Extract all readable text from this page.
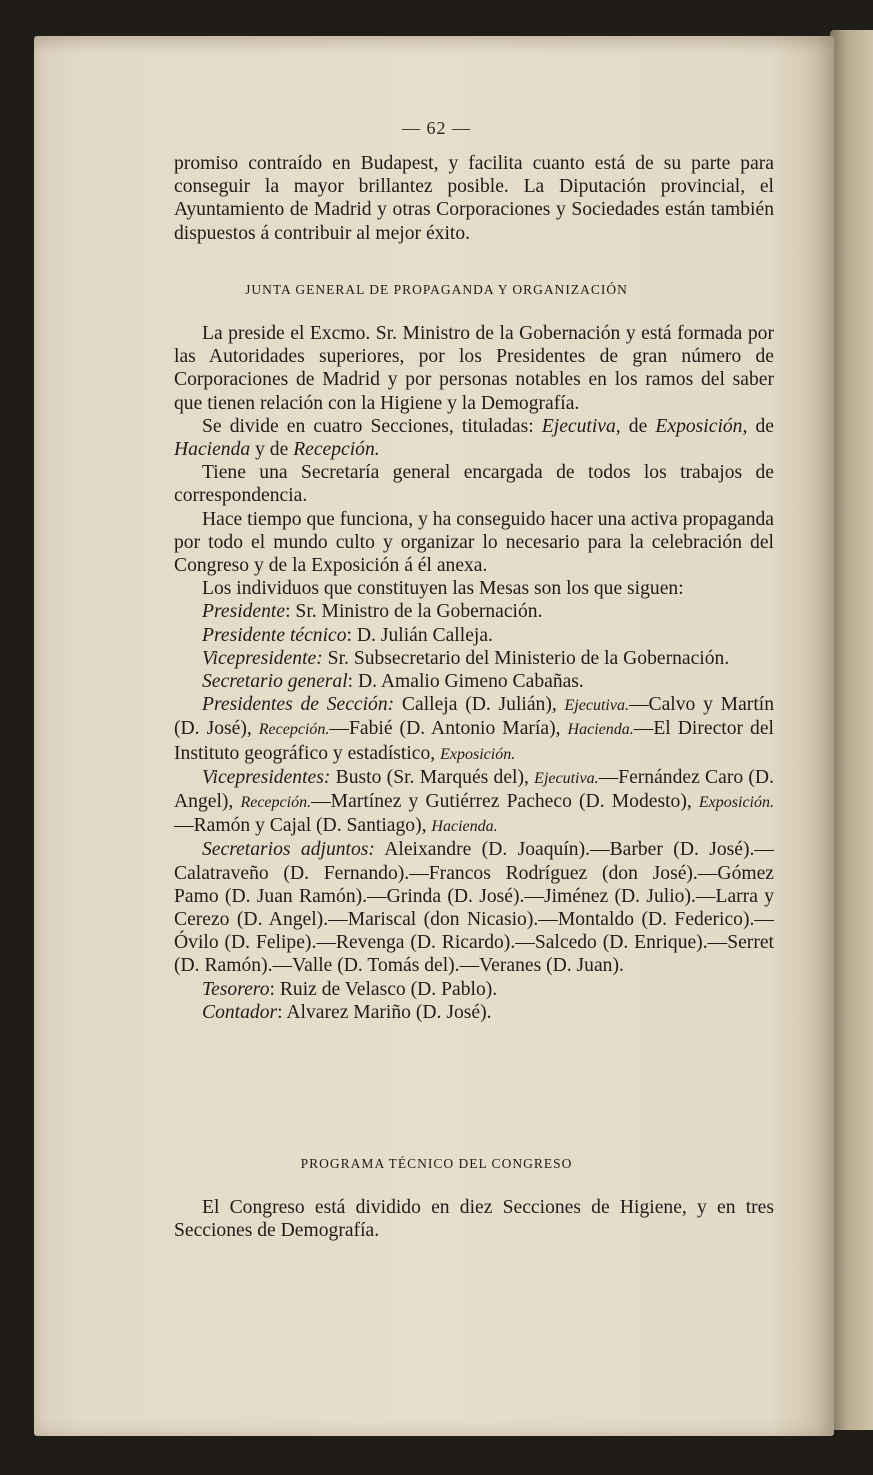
— 62 —

promiso contraído en Budapest, y facilita cuanto está de su parte para conseguir la mayor brillantez posible. La Diputación provincial, el Ayuntamiento de Madrid y otras Corporaciones y Sociedades están también dispuestos á contribuir al mejor éxito.

JUNTA GENERAL DE PROPAGANDA Y ORGANIZACIÓN

La preside el Excmo. Sr. Ministro de la Gobernación y está formada por las Autoridades superiores, por los Presidentes de gran número de Corporaciones de Madrid y por personas notables en los ramos del saber que tienen relación con la Higiene y la Demografía.

Se divide en cuatro Secciones, tituladas: Ejecutiva, de Exposición, de Hacienda y de Recepción.

Tiene una Secretaría general encargada de todos los trabajos de correspondencia.

Hace tiempo que funciona, y ha conseguido hacer una activa propaganda por todo el mundo culto y organizar lo necesario para la celebración del Congreso y de la Exposición á él anexa.

Los individuos que constituyen las Mesas son los que siguen:

Presidente: Sr. Ministro de la Gobernación.

Presidente técnico: D. Julián Calleja.

Vicepresidente: Sr. Subsecretario del Ministerio de la Gobernación.

Secretario general: D. Amalio Gimeno Cabañas.

Presidentes de Sección: Calleja (D. Julián), Ejecutiva.—Calvo y Martín (D. José), Recepción.—Fabié (D. Antonio María), Hacienda.—El Director del Instituto geográfico y estadístico, Exposición.

Vicepresidentes: Busto (Sr. Marqués del), Ejecutiva.—Fernández Caro (D. Angel), Recepción.—Martínez y Gutiérrez Pacheco (D. Modesto), Exposición.—Ramón y Cajal (D. Santiago), Hacienda.

Secretarios adjuntos: Aleixandre (D. Joaquín).—Barber (D. José).—Calatraveño (D. Fernando).—Francos Rodríguez (don José).—Gómez Pamo (D. Juan Ramón).—Grinda (D. José).—Jiménez (D. Julio).—Larra y Cerezo (D. Angel).—Mariscal (don Nicasio).—Montaldo (D. Federico).—Óvilo (D. Felipe).—Revenga (D. Ricardo).—Salcedo (D. Enrique).—Serret (D. Ramón).—Valle (D. Tomás del).—Veranes (D. Juan).

Tesorero: Ruiz de Velasco (D. Pablo).

Contador: Alvarez Mariño (D. José).

PROGRAMA TÉCNICO DEL CONGRESO

El Congreso está dividido en diez Secciones de Higiene, y en tres Secciones de Demografía.
